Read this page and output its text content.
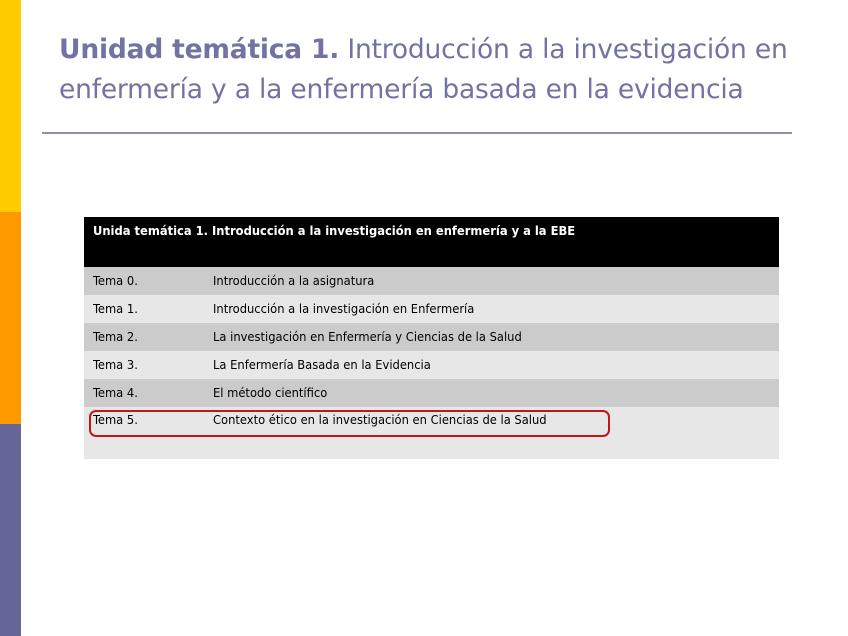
Unidad temática 1. Introducción a la investigación en enfermería y a la enfermería basada en la evidencia
Unida temática 1. Introducción a la investigación en enfermería y a la EBE	
Tema 0.	Introducción a la asignatura
Tema 1.	Introducción a la investigación en Enfermería
Tema 2.	La investigación en Enfermería y Ciencias de la Salud
Tema 3.	La Enfermería Basada en la Evidencia
Tema 4.	El método científico
Tema 5.	Contexto ético en la investigación en Ciencias de la Salud
